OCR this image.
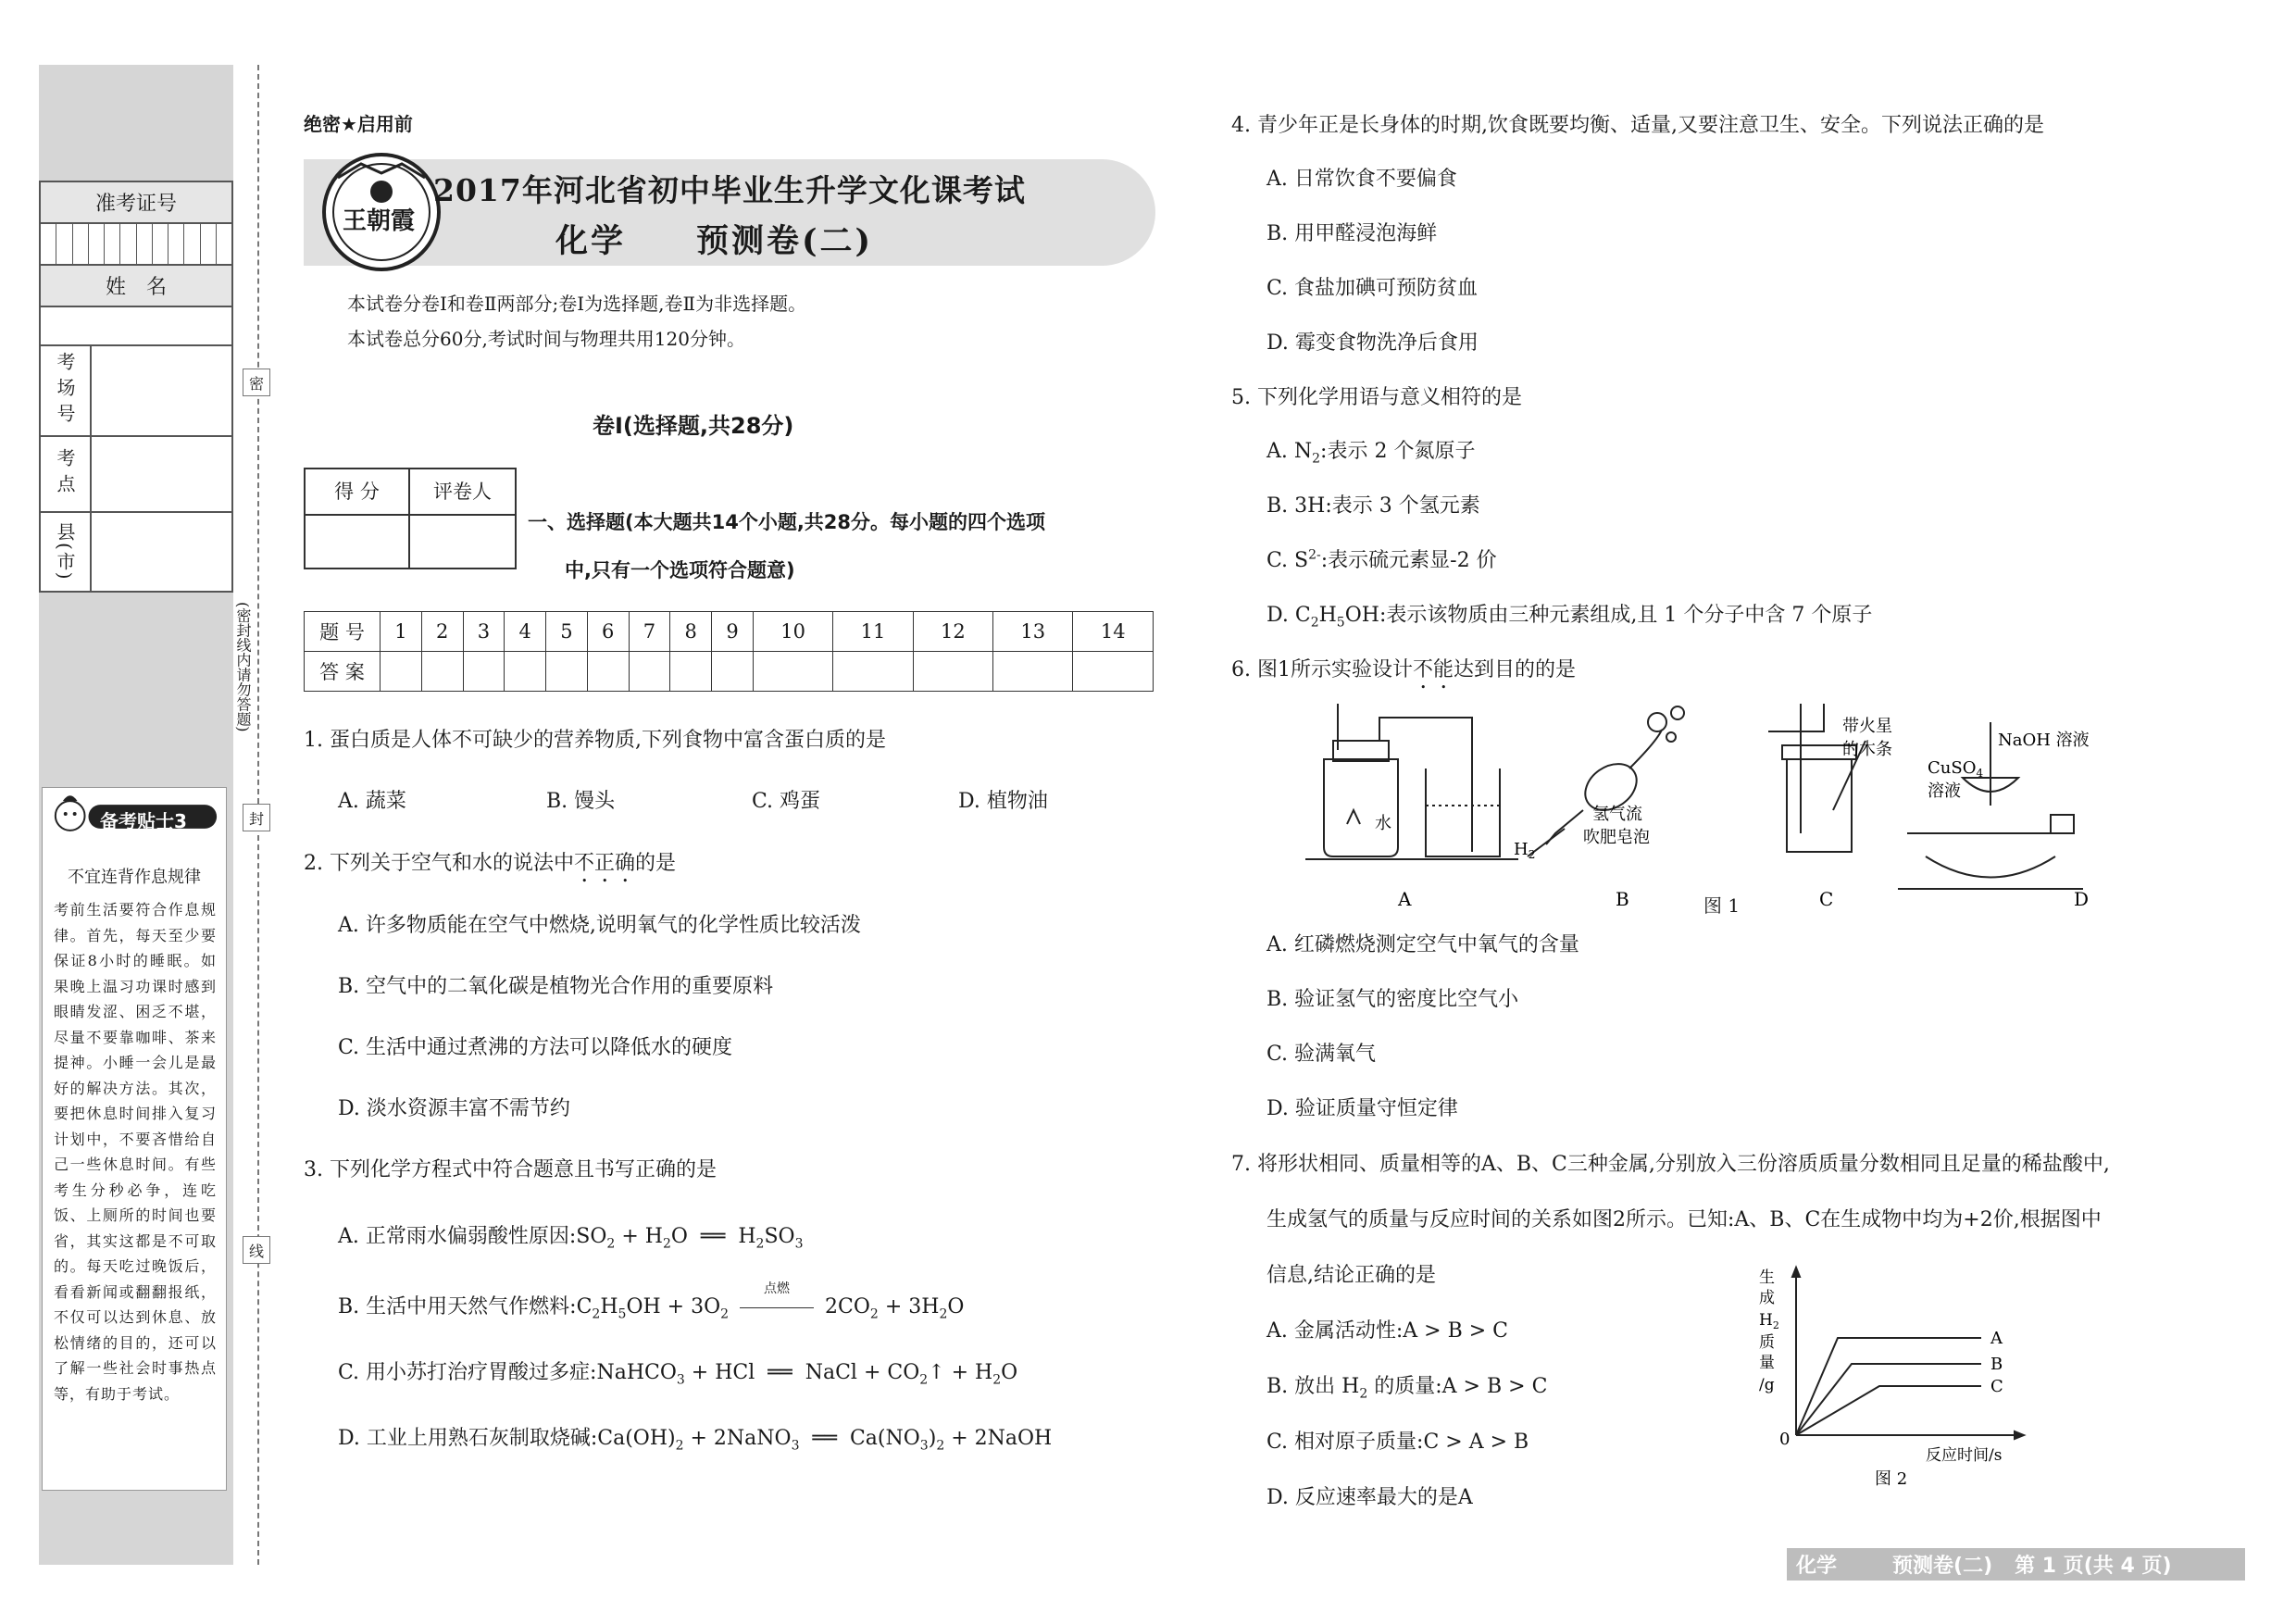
准考证号
姓　名
考场号
考点
县(市)
备考贴士3
不宜连背作息规律
考前生活要符合作息规律。首先，每天至少要保证8小时的睡眠。如果晚上温习功课时感到眼睛发涩、困乏不堪，尽量不要靠咖啡、茶来提神。小睡一会儿是最好的解决方法。其次，要把休息时间排入复习计划中，不要吝惜给自己一些休息时间。有些考生分秒必争，连吃饭、上厕所的时间也要省，其实这都是不可取的。每天吃过晚饭后，看看新闻或翻翻报纸，不仅可以达到休息、放松情绪的目的，还可以了解一些社会时事热点等，有助于考试。
密
封
线
(密封线内请勿答题)
绝密★启用前
王朝霞
2017年河北省初中毕业生升学文化课考试
化学　　预测卷(二)
本试卷分卷Ⅰ和卷Ⅱ两部分;卷Ⅰ为选择题,卷Ⅱ为非选择题。
本试卷总分60分,考试时间与物理共用120分钟。
卷Ⅰ(选择题,共28分)
得 分	评卷人
一、选择题(本大题共14个小题,共28分。每小题的四个选项
中,只有一个选项符合题意)
题 号	1	2	3	4	5	6	7	8	9	10	11	12	13	14
答 案														
1. 蛋白质是人体不可缺少的营养物质,下列食物中富含蛋白质的是
A. 蔬菜	B. 馒头	C. 鸡蛋	D. 植物油
2. 下列关于空气和水的说法中不正确的是
A. 许多物质能在空气中燃烧,说明氧气的化学性质比较活泼
B. 空气中的二氧化碳是植物光合作用的重要原料
C. 生活中通过煮沸的方法可以降低水的硬度
D. 淡水资源丰富不需节约
3. 下列化学方程式中符合题意且书写正确的是
A. 正常雨水偏弱酸性原因$:SO_2 + H_2O$  ══  $H_2SO_3$
B. 生活中用天然气作燃料$:C_2H_5OH + 3O_2$
点燃
$2CO_2 + 3H_2O$
C. 用小苏打治疗胃酸过多症:NaHCO$_3$ + HCl  ══  NaCl + $CO_2↑ + H_2O$
D. 工业上用熟石灰制取烧碱$:Ca(OH)_2$ + 2NaNO$_3$  ══  $Ca(NO_3)_2$ + 2NaOH
4. 青少年正是长身体的时期,饮食既要均衡、适量,又要注意卫生、安全。下列说法正确的是
A. 日常饮食不要偏食
B. 用甲醛浸泡海鲜
C. 食盐加碘可预防贫血
D. 霉变食物洗净后食用
5. 下列化学用语与意义相符的是
A. $N_2$:表示 2 个氮原子
B. 3H:表示 3 个氢元素
C. $S^{2-}$:表示硫元素显-2 价
D. $C_2H_5OH$:表示该物质由三种元素组成,且 1 个分子中含 7 个原子
6. 图1所示实验设计不能达到目的的是
水
$H_2$
氢气流
吹肥皂泡
带火星
的木条	NaOH 溶液
CuSO$_4$
溶液
A	B	C	D
图 1
A. 红磷燃烧测定空气中氧气的含量
B. 验证氢气的密度比空气小
C. 验满氧气
D. 验证质量守恒定律
7. 将形状相同、质量相等的A、B、C三种金属,分别放入三份溶质质量分数相同且足量的稀盐酸中,
生成氢气的质量与反应时间的关系如图2所示。已知:A、B、C在生成物中均为+2价,根据图中
信息,结论正确的是
A. 金属活动性:A > B > C
B. 放出 $H_2$ 的质量:A > B > C
C. 相对原子质量:C > A > B
D. 反应速率最大的是A
A
B
C
0
生
成
$H_2$
质
量
/g
反应时间/s
图 2
化学	预测卷(二) 第 1 页(共 4 页)
